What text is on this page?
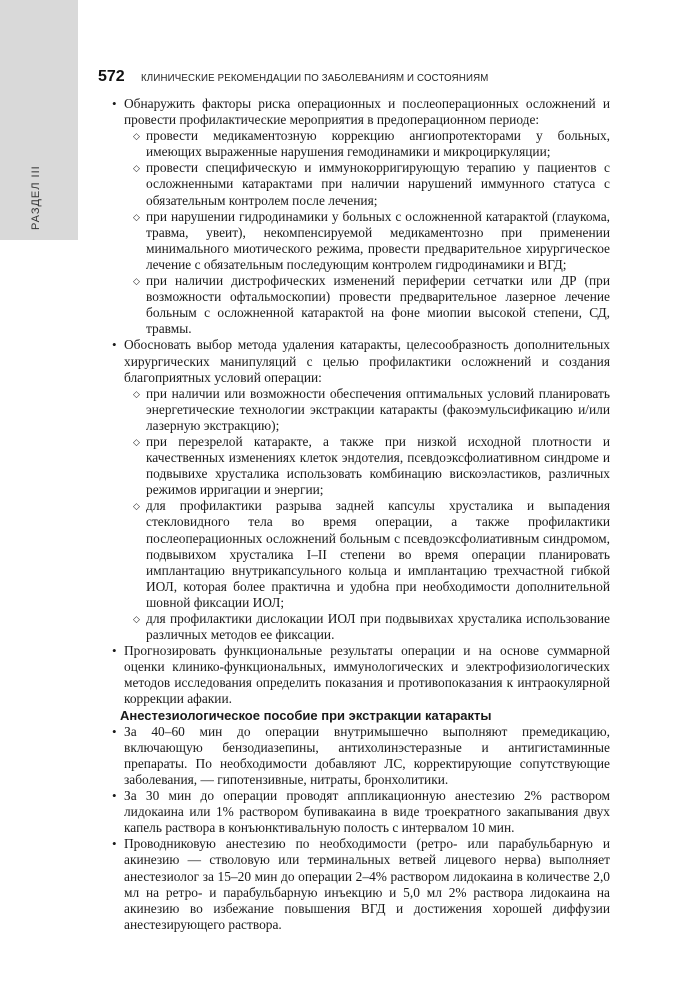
РАЗДЕЛ III
572 КЛИНИЧЕСКИЕ РЕКОМЕНДАЦИИ ПО ЗАБОЛЕВАНИЯМ И СОСТОЯНИЯМ
• Обнаружить факторы риска операционных и послеоперационных осложнений и провести профилактические мероприятия в предоперационном периоде:
◇ провести медикаментозную коррекцию ангиопротекторами у больных, имеющих выраженные нарушения гемодинамики и микроциркуляции;
◇ провести специфическую и иммунокорригирующую терапию у пациентов с осложненными катарактами при наличии нарушений иммунного статуса с обязательным контролем после лечения;
◇ при нарушении гидродинамики у больных с осложненной катарактой (глаукома, травма, увеит), некомпенсируемой медикаментозно при применении минимального миотического режима, провести предварительное хирургическое лечение с обязательным последующим контролем гидродинамики и ВГД;
◇ при наличии дистрофических изменений периферии сетчатки или ДР (при возможности офтальмоскопии) провести предварительное лазерное лечение больным с осложненной катарактой на фоне миопии высокой степени, СД, травмы.
• Обосновать выбор метода удаления катаракты, целесообразность дополнительных хирургических манипуляций с целью профилактики осложнений и создания благоприятных условий операции:
◇ при наличии или возможности обеспечения оптимальных условий планировать энергетические технологии экстракции катаракты (факоэмульсификацию и/или лазерную экстракцию);
◇ при перезрелой катаракте, а также при низкой исходной плотности и качественных изменениях клеток эндотелия, псевдоэксфолиативном синдроме и подвывихе хрусталика использовать комбинацию вискоэластиков, различных режимов ирригации и энергии;
◇ для профилактики разрыва задней капсулы хрусталика и выпадения стекловидного тела во время операции, а также профилактики послеоперационных осложнений больным с псевдоэксфолиативным синдромом, подвывихом хрусталика I–II степени во время операции планировать имплантацию внутрикапсульного кольца и имплантацию трехчастной гибкой ИОЛ, которая более практична и удобна при необходимости дополнительной шовной фиксации ИОЛ;
◇ для профилактики дислокации ИОЛ при подвывихах хрусталика использование различных методов ее фиксации.
• Прогнозировать функциональные результаты операции и на основе суммарной оценки клинико-функциональных, иммунологических и электрофизиологических методов исследования определить показания и противопоказания к интраокулярной коррекции афакии.
Анестезиологическое пособие при экстракции катаракты
• За 40–60 мин до операции внутримышечно выполняют премедикацию, включающую бензодиазепины, антихолинэстеразные и антигистаминные препараты. По необходимости добавляют ЛС, корректирующие сопутствующие заболевания, — гипотензивные, нитраты, бронхолитики.
• За 30 мин до операции проводят аппликационную анестезию 2% раствором лидокаина или 1% раствором бупивакаина в виде троекратного закапывания двух капель раствора в конъюнктивальную полость с интервалом 10 мин.
• Проводниковую анестезию по необходимости (ретро- или парабульбарную и акинезию — стволовую или терминальных ветвей лицевого нерва) выполняет анестезиолог за 15–20 мин до операции 2–4% раствором лидокаина в количестве 2,0 мл на ретро- и парабульбарную инъекцию и 5,0 мл 2% раствора лидокаина на акинезию во избежание повышения ВГД и достижения хорошей диффузии анестезирующего раствора.
